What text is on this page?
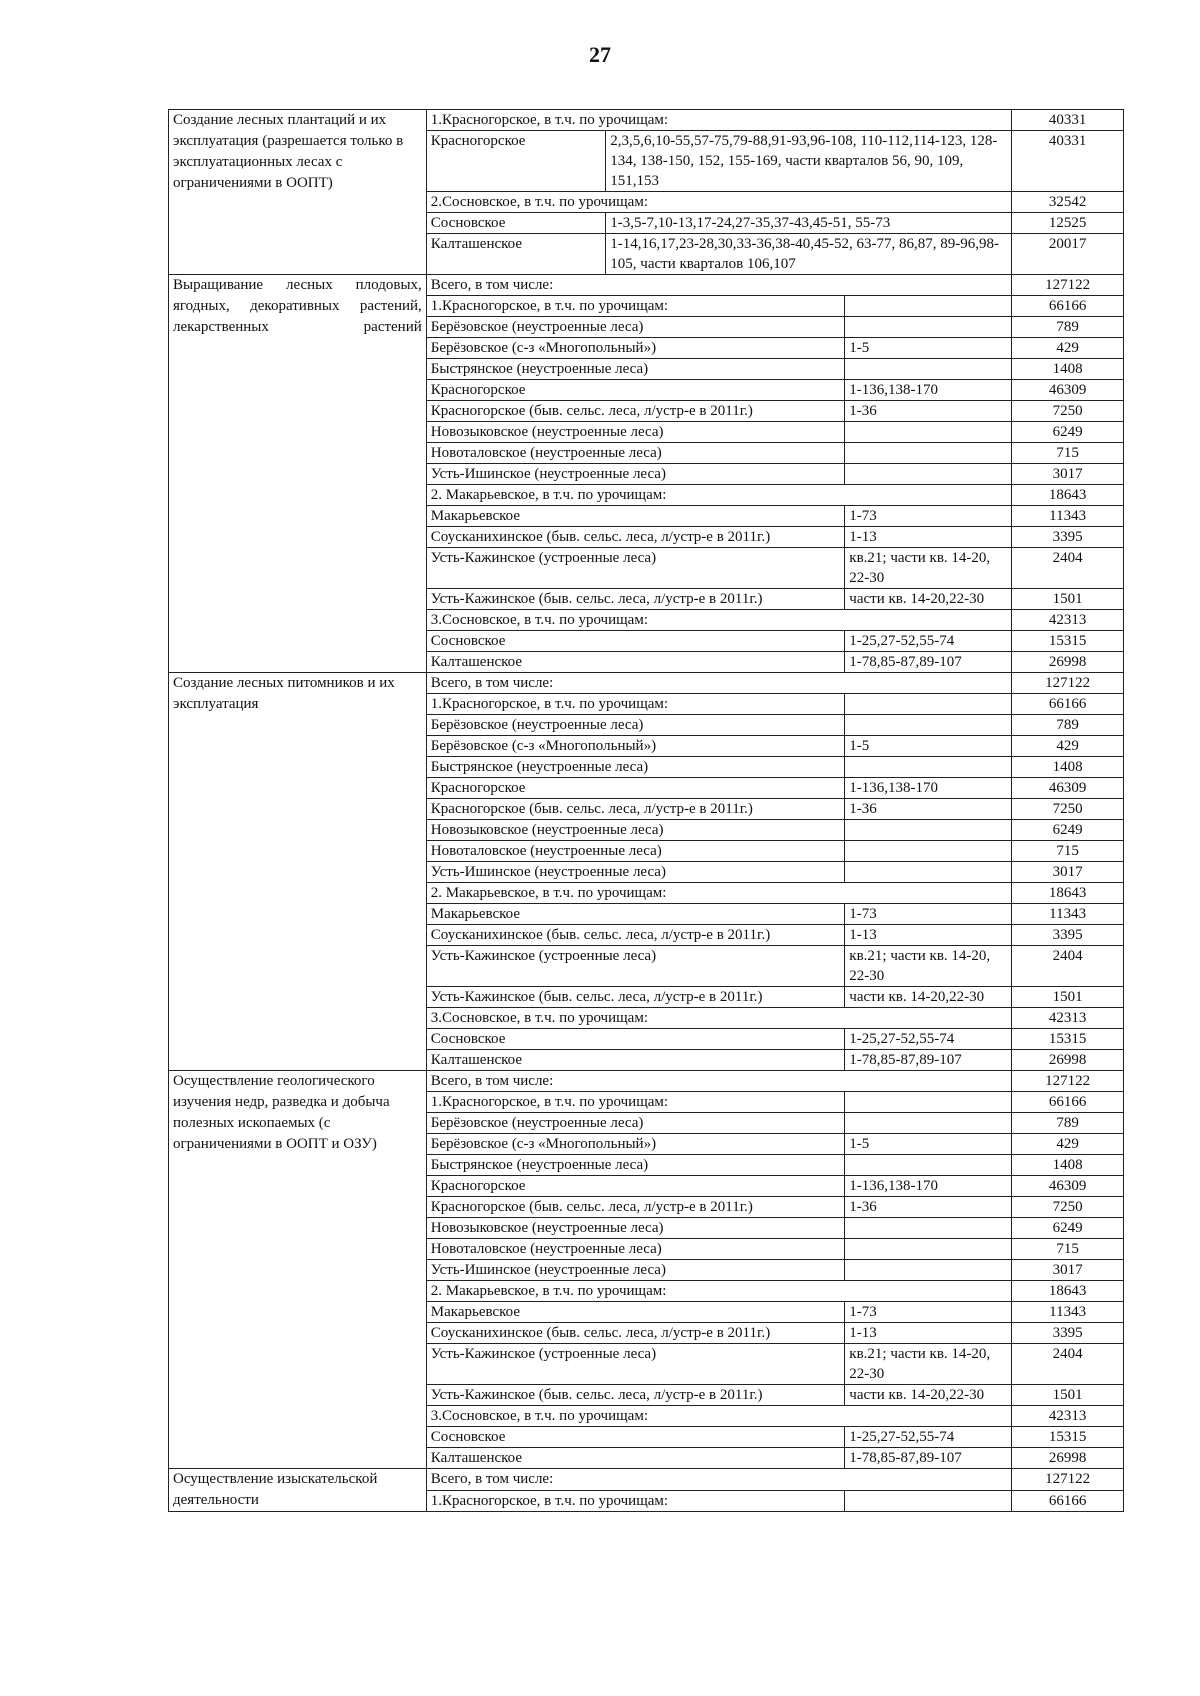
27
Создание лесных плантаций и их эксплуатация (разрешается только в эксплуатационных лесах с ограничениями в ООПТ)	1.Красногорское, в т.ч. по урочищам:			40331
	Красногорское	2,3,5,6,10-55,57-75,79-88,91-93,96-108, 110-112,114-123, 128-134, 138-150, 152, 155-169, части кварталов 56, 90, 109, 151,153		40331
	2.Сосновское, в т.ч. по урочищам:			32542
	Сосновское	1-3,5-7,10-13,17-24,27-35,37-43,45-51, 55-73		12525
	Калташенское	1-14,16,17,23-28,30,33-36,38-40,45-52, 63-77, 86,87, 89-96,98-105, части кварталов 106,107		20017
Выращивание лесных плодовых, ягодных, декоративных растений, лекарственных растений	Всего, в том числе:			127122
	1.Красногорское, в т.ч. по урочищам:			66166
	Берёзовское (неустроенные леса)			789
	Берёзовское (с-з «Многопольный»)		1-5	429
	Быстрянское (неустроенные леса)			1408
	Красногорское		1-136,138-170	46309
	Красногорское (быв. сельс. леса, л/устр-е в 2011г.)		1-36	7250
	Новозыковское (неустроенные леса)			6249
	Новоталовское (неустроенные леса)			715
	Усть-Ишинское (неустроенные леса)			3017
	2. Макарьевское, в т.ч. по урочищам:			18643
	Макарьевское		1-73	11343
	Соусканихинское (быв. сельс. леса, л/устр-е в 2011г.)		1-13	3395
	Усть-Кажинское (устроенные леса)		кв.21; части кв. 14-20, 22-30	2404
	Усть-Кажинское (быв. сельс. леса, л/устр-е в 2011г.)		части кв. 14-20,22-30	1501
	3.Сосновское, в т.ч. по урочищам:			42313
	Сосновское		1-25,27-52,55-74	15315
	Калташенское		1-78,85-87,89-107	26998
Создание лесных питомников и их эксплуатация	Всего, в том числе:			127122
	1.Красногорское, в т.ч. по урочищам:			66166
	Берёзовское (неустроенные леса)			789
	Берёзовское (с-з «Многопольный»)		1-5	429
	Быстрянское (неустроенные леса)			1408
	Красногорское		1-136,138-170	46309
	Красногорское (быв. сельс. леса, л/устр-е в 2011г.)		1-36	7250
	Новозыковское (неустроенные леса)			6249
	Новоталовское (неустроенные леса)			715
	Усть-Ишинское (неустроенные леса)			3017
	2. Макарьевское, в т.ч. по урочищам:			18643
	Макарьевское		1-73	11343
	Соусканихинское (быв. сельс. леса, л/устр-е в 2011г.)		1-13	3395
	Усть-Кажинское (устроенные леса)		кв.21; части кв. 14-20, 22-30	2404
	Усть-Кажинское (быв. сельс. леса, л/устр-е в 2011г.)		части кв. 14-20,22-30	1501
	3.Сосновское, в т.ч. по урочищам:			42313
	Сосновское		1-25,27-52,55-74	15315
	Калташенское		1-78,85-87,89-107	26998
Осуществление геологического изучения недр, разведка и добыча полезных ископаемых (с ограничениями в ООПТ и ОЗУ)	Всего, в том числе:			127122
	1.Красногорское, в т.ч. по урочищам:			66166
	Берёзовское (неустроенные леса)			789
	Берёзовское (с-з «Многопольный»)		1-5	429
	Быстрянское (неустроенные леса)			1408
	Красногорское		1-136,138-170	46309
	Красногорское (быв. сельс. леса, л/устр-е в 2011г.)		1-36	7250
	Новозыковское (неустроенные леса)			6249
	Новоталовское (неустроенные леса)			715
	Усть-Ишинское (неустроенные леса)			3017
	2. Макарьевское, в т.ч. по урочищам:			18643
	Макарьевское		1-73	11343
	Соусканихинское (быв. сельс. леса, л/устр-е в 2011г.)		1-13	3395
	Усть-Кажинское (устроенные леса)		кв.21; части кв. 14-20, 22-30	2404
	Усть-Кажинское (быв. сельс. леса, л/устр-е в 2011г.)		части кв. 14-20,22-30	1501
	3.Сосновское, в т.ч. по урочищам:			42313
	Сосновское		1-25,27-52,55-74	15315
	Калташенское		1-78,85-87,89-107	26998
Осуществление изыскательской деятельности	Всего, в том числе:			127122
	1.Красногорское, в т.ч. по урочищам:			66166
